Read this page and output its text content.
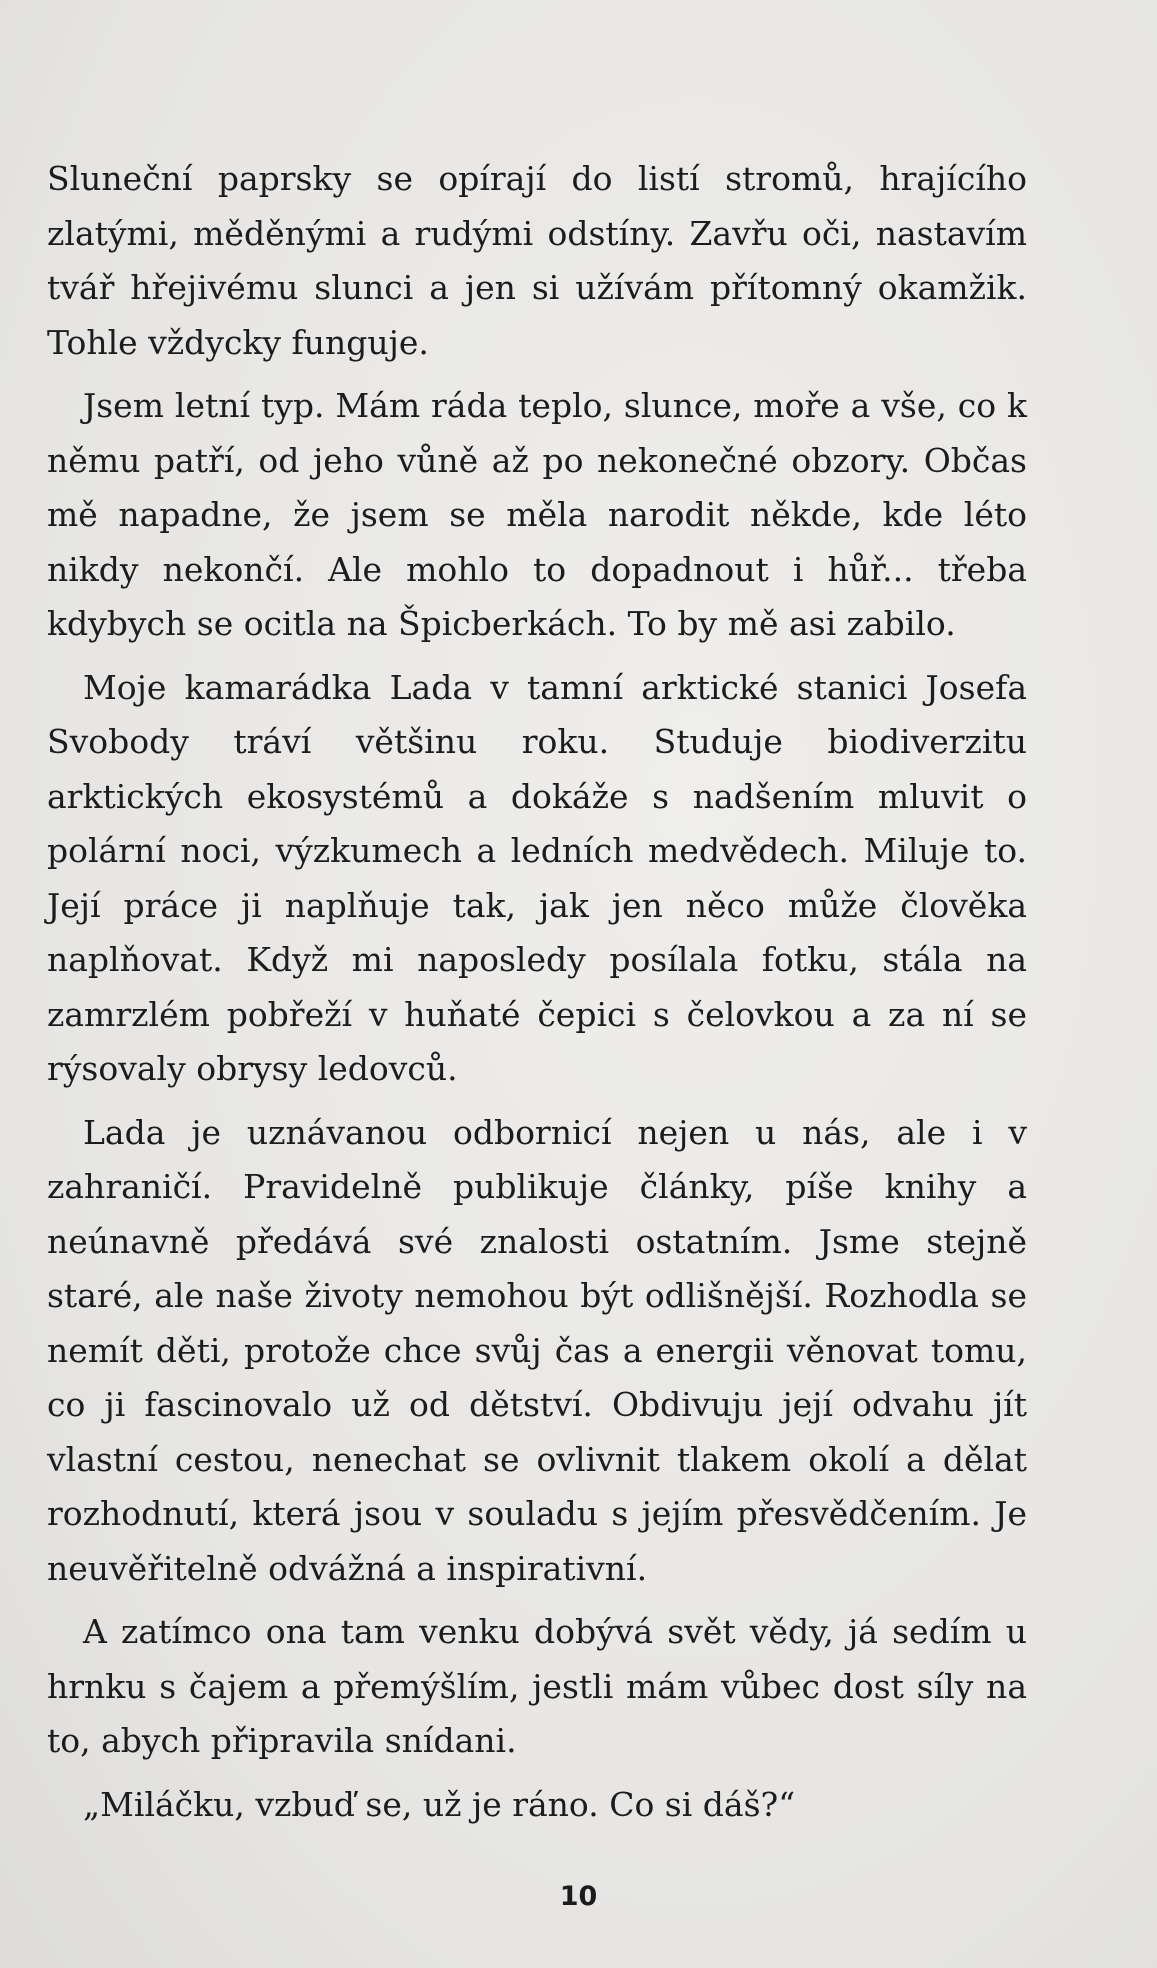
Sluneční paprsky se opírají do listí stromů, hrajícího zlatými, měděnými a rudými odstíny. Zavřu oči, nastavím tvář hřejivému slunci a jen si užívám přítomný okamžik. Tohle vždycky funguje.

Jsem letní typ. Mám ráda teplo, slunce, moře a vše, co k němu patří, od jeho vůně až po nekonečné obzory. Občas mě napadne, že jsem se měla narodit někde, kde léto nikdy nekončí. Ale mohlo to dopadnout i hůř... třeba kdybych se ocitla na Špicberkách. To by mě asi zabilo.

Moje kamarádka Lada v tamní arktické stanici Josefa Svobody tráví většinu roku. Studuje biodiverzitu arktických ekosystémů a dokáže s nadšením mluvit o polární noci, výzkumech a ledních medvědech. Miluje to. Její práce ji naplňuje tak, jak jen něco může člověka naplňovat. Když mi naposledy posílala fotku, stála na zamrzlém pobřeží v huňaté čepici s čelovkou a za ní se rýsovaly obrysy ledovců.

Lada je uznávanou odbornicí nejen u nás, ale i v zahraničí. Pravidelně publikuje články, píše knihy a neúnavně předává své znalosti ostatním. Jsme stejně staré, ale naše životy nemohou být odlišnější. Rozhodla se nemít děti, protože chce svůj čas a energii věnovat tomu, co ji fascinovalo už od dětství. Obdivuju její odvahu jít vlastní cestou, nenechat se ovlivnit tlakem okolí a dělat rozhodnutí, která jsou v souladu s jejím přesvědčením. Je neuvěřitelně odvážná a inspirativní.

A zatímco ona tam venku dobývá svět vědy, já sedím u hrnku s čajem a přemýšlím, jestli mám vůbec dost síly na to, abych připravila snídani.

„Miláčku, vzbuď se, už je ráno. Co si dáš?“

10
